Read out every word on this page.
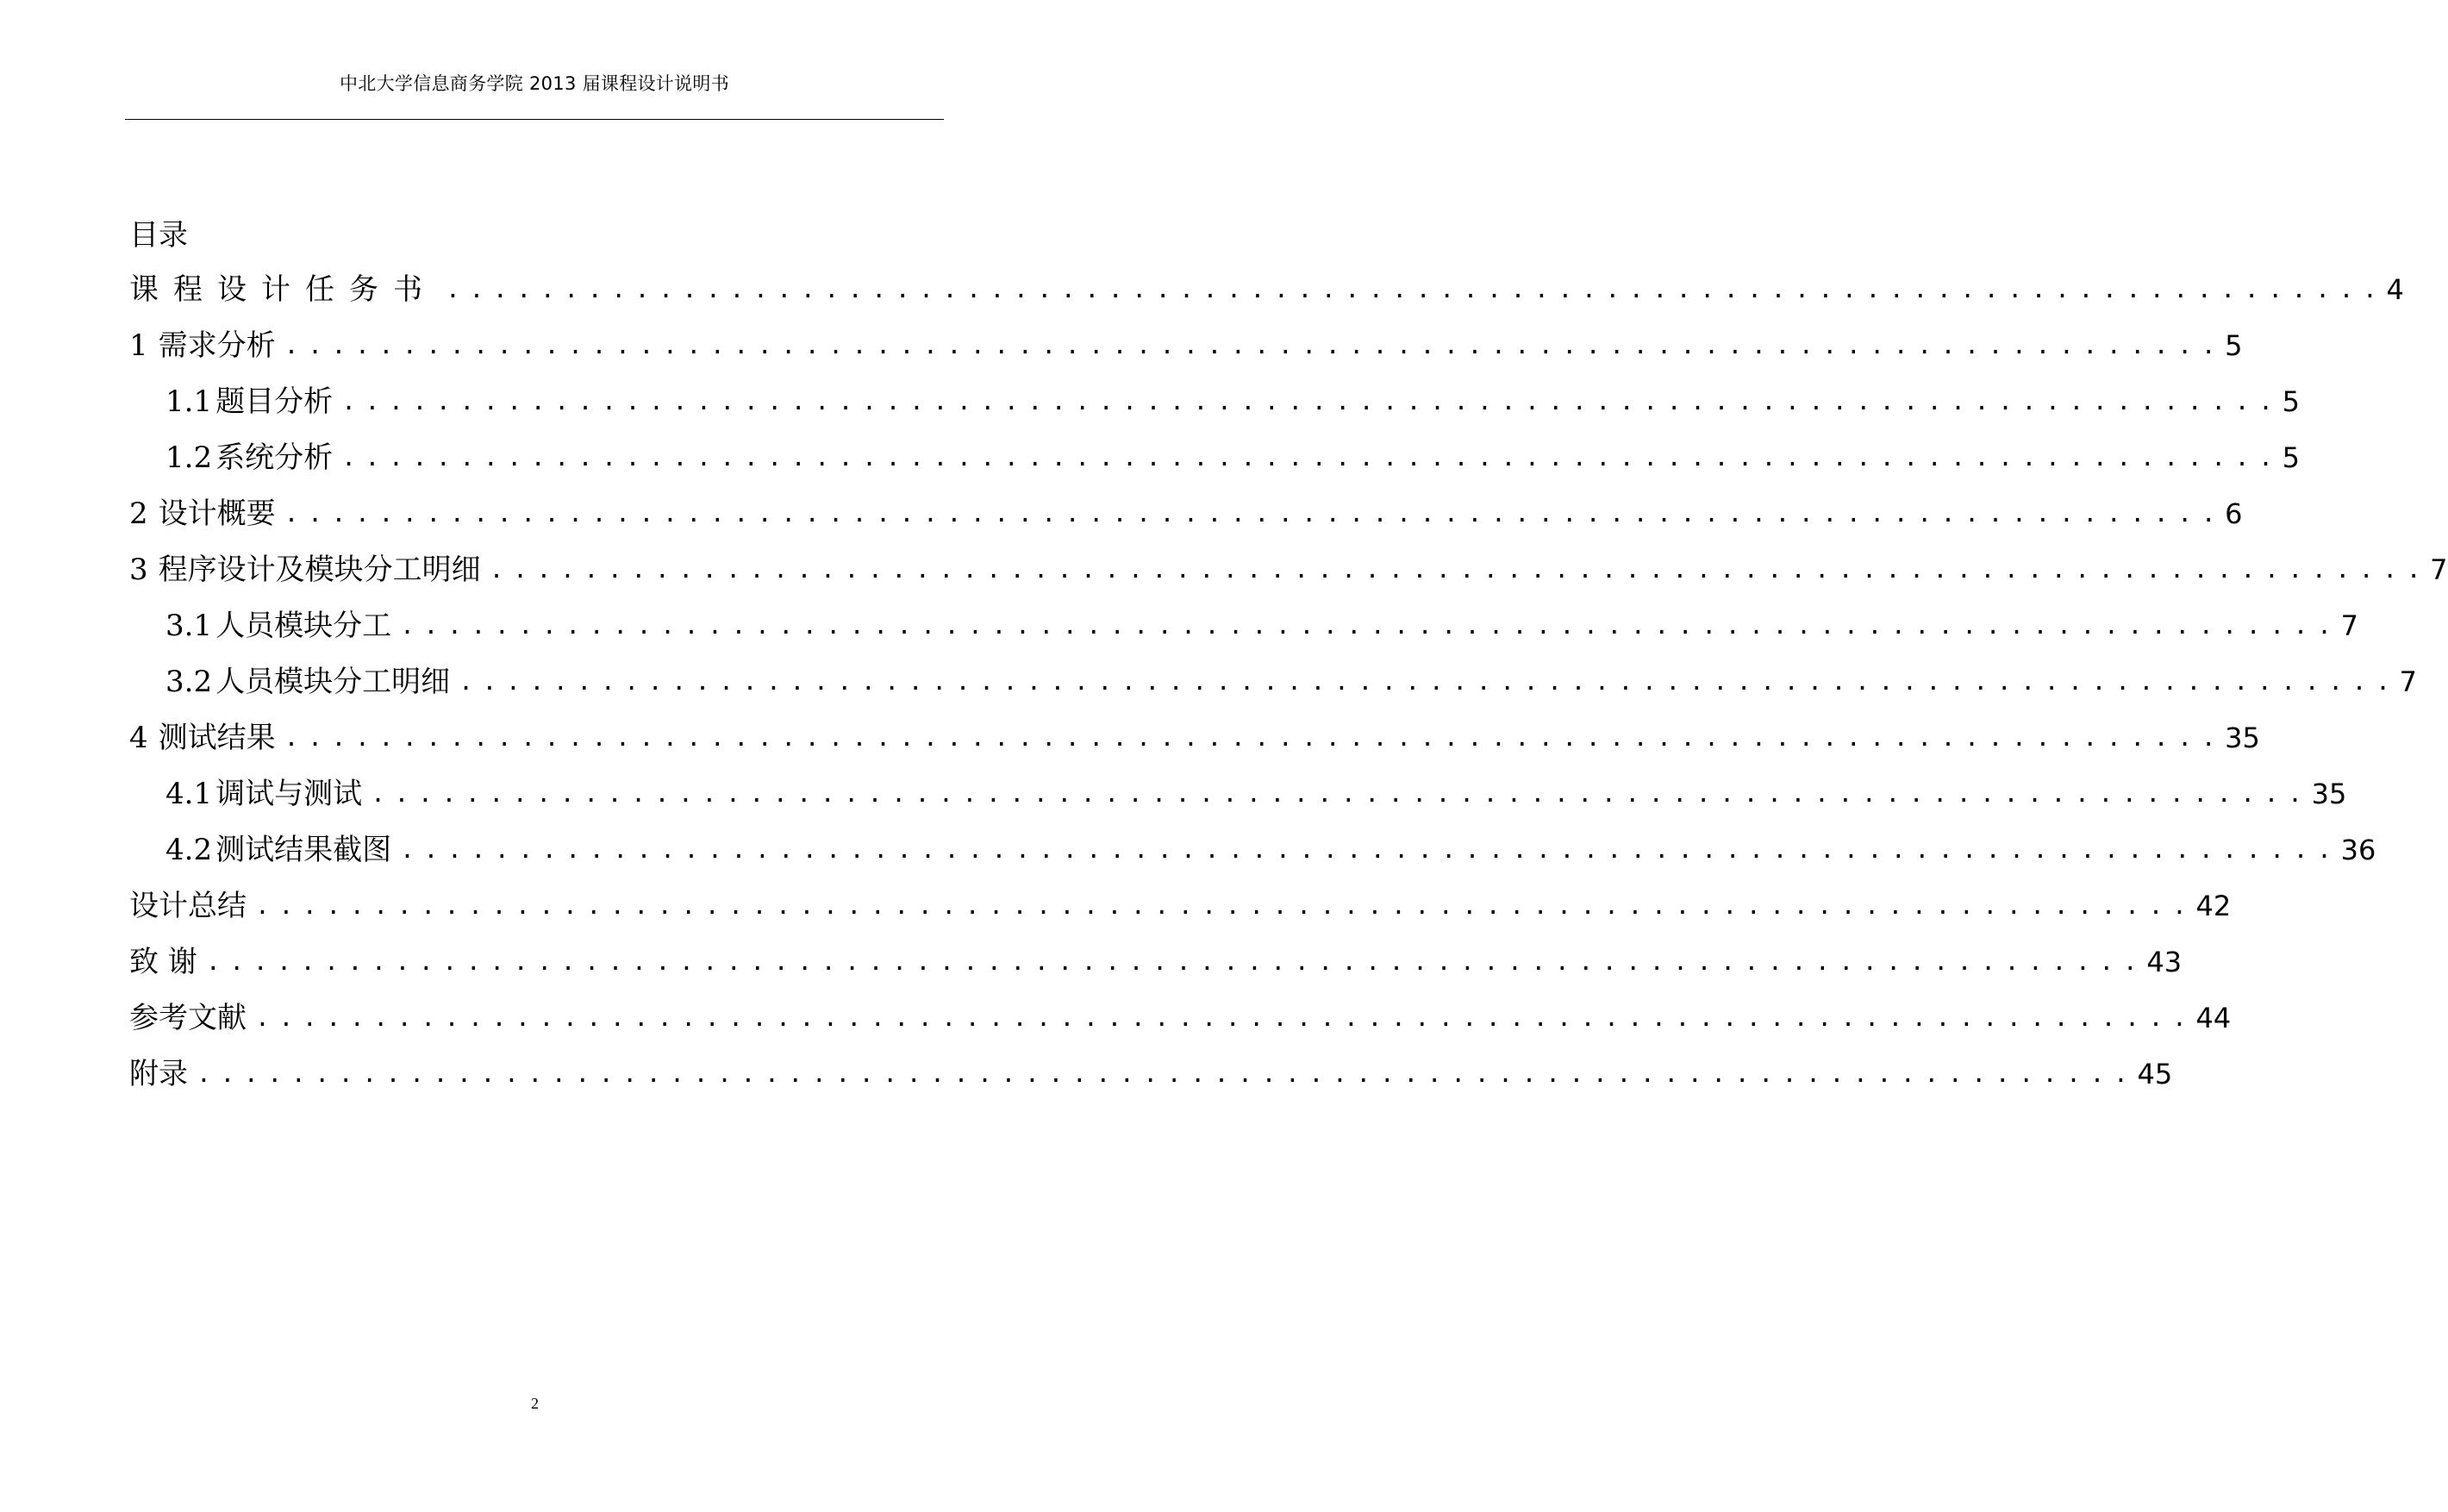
中北大学信息商务学院 2013 届课程设计说明书
目录
课程设计任务书 .................................................................................. 4
1 需求分析 .................................................................................. 5
1.1 题目分析 .................................................................................. 5
1.2 系统分析 .................................................................................. 5
2 设计概要 .................................................................................. 6
3 程序设计及模块分工明细 .................................................................................. 7
3.1 人员模块分工 .................................................................................. 7
3.2 人员模块分工明细 .................................................................................. 7
4 测试结果 .................................................................................. 35
4.1 调试与测试 .................................................................................. 35
4.2 测试结果截图 .................................................................................. 36
设计总结 .................................................................................. 42
致 谢 .................................................................................. 43
参考文献 .................................................................................. 44
附录 .................................................................................. 45
2
